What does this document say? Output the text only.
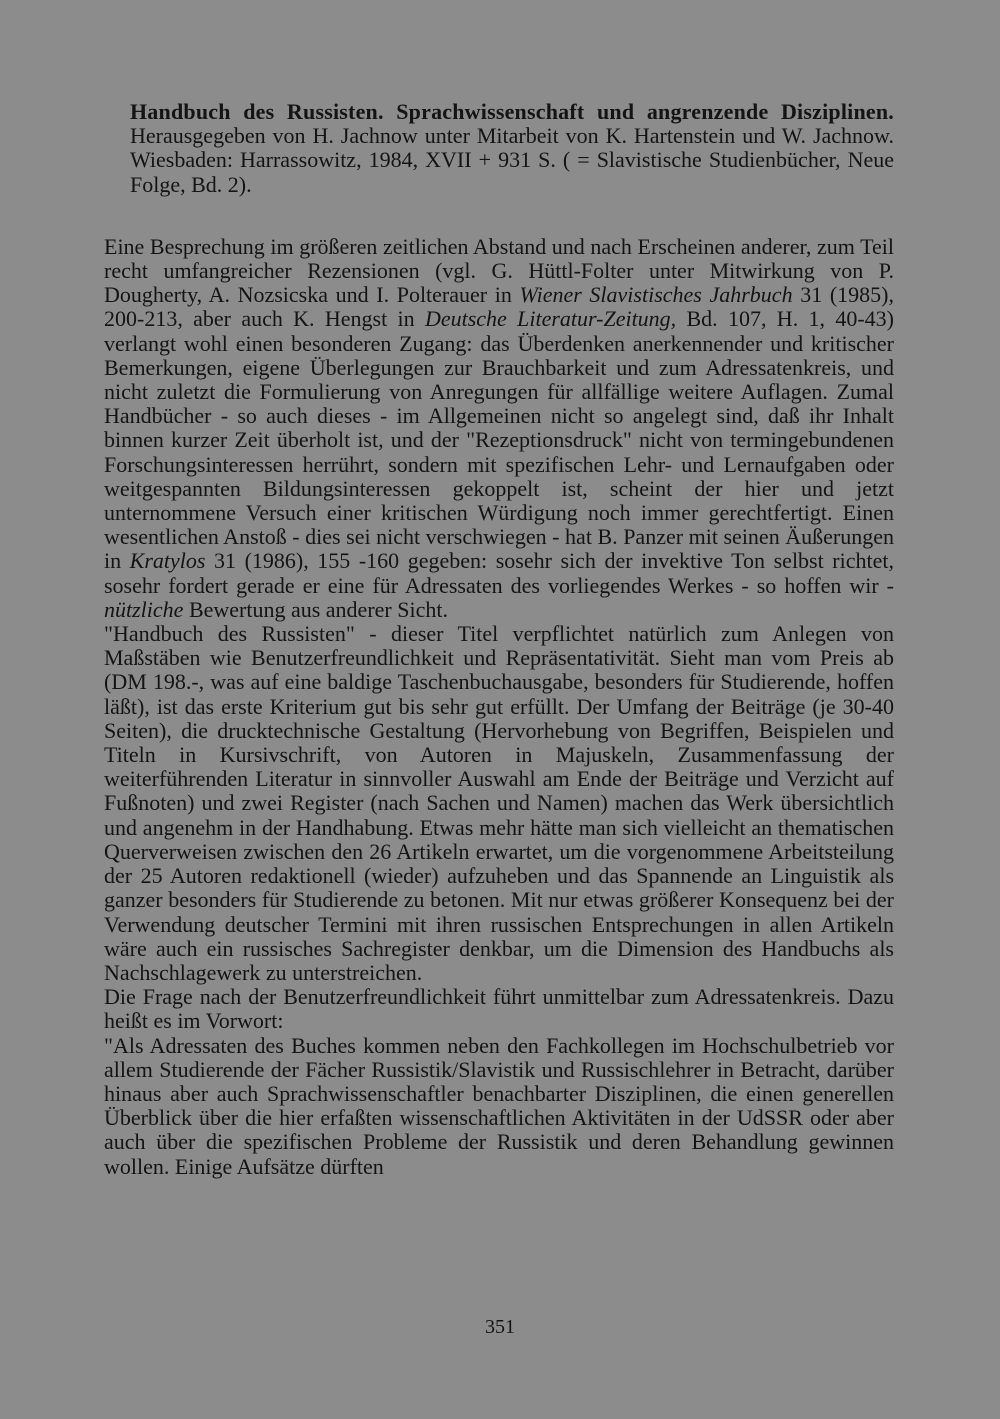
Handbuch des Russisten. Sprachwissenschaft und angrenzende Disziplinen. Herausgegeben von H. Jachnow unter Mitarbeit von K. Hartenstein und W. Jachnow. Wiesbaden: Harrassowitz, 1984, XVII + 931 S. ( = Slavistische Studienbücher, Neue Folge, Bd. 2).

Eine Besprechung im größeren zeitlichen Abstand und nach Erscheinen anderer, zum Teil recht umfangreicher Rezensionen (vgl. G. Hüttl-Folter unter Mitwirkung von P. Dougherty, A. Nozsicska und I. Polterauer in Wiener Slavistisches Jahrbuch 31 (1985), 200-213, aber auch K. Hengst in Deutsche Literatur-Zeitung, Bd. 107, H. 1, 40-43) verlangt wohl einen besonderen Zugang: das Überdenken anerkennender und kritischer Bemerkungen, eigene Überlegungen zur Brauchbarkeit und zum Adressatenkreis, und nicht zuletzt die Formulierung von Anregungen für allfällige weitere Auflagen. Zumal Handbücher - so auch dieses - im Allgemeinen nicht so angelegt sind, daß ihr Inhalt binnen kurzer Zeit überholt ist, und der "Rezeptionsdruck" nicht von termingebundenen Forschungsinteressen herrührt, sondern mit spezifischen Lehr- und Lernaufgaben oder weitgespannten Bildungsinteressen gekoppelt ist, scheint der hier und jetzt unternommene Versuch einer kritischen Würdigung noch immer gerechtfertigt. Einen wesentlichen Anstoß - dies sei nicht verschwiegen - hat B. Panzer mit seinen Äußerungen in Kratylos 31 (1986), 155 -160 gegeben: sosehr sich der invektive Ton selbst richtet, sosehr fordert gerade er eine für Adressaten des vorliegendes Werkes - so hoffen wir - nützliche Bewertung aus anderer Sicht.

"Handbuch des Russisten" - dieser Titel verpflichtet natürlich zum Anlegen von Maßstäben wie Benutzerfreundlichkeit und Repräsentativität. Sieht man vom Preis ab (DM 198.-, was auf eine baldige Taschenbuchausgabe, besonders für Studierende, hoffen läßt), ist das erste Kriterium gut bis sehr gut erfüllt. Der Umfang der Beiträge (je 30-40 Seiten), die drucktechnische Gestaltung (Hervorhebung von Begriffen, Beispielen und Titeln in Kursivschrift, von Autoren in Majuskeln, Zusammenfassung der weiterführenden Literatur in sinnvoller Auswahl am Ende der Beiträge und Verzicht auf Fußnoten) und zwei Register (nach Sachen und Namen) machen das Werk übersichtlich und angenehm in der Handhabung. Etwas mehr hätte man sich vielleicht an thematischen Querverweisen zwischen den 26 Artikeln erwartet, um die vorgenommene Arbeitsteilung der 25 Autoren redaktionell (wieder) aufzuheben und das Spannende an Linguistik als ganzer besonders für Studierende zu betonen. Mit nur etwas größerer Konsequenz bei der Verwendung deutscher Termini mit ihren russischen Entsprechungen in allen Artikeln wäre auch ein russisches Sachregister denkbar, um die Dimension des Handbuchs als Nachschlagewerk zu unterstreichen.

Die Frage nach der Benutzerfreundlichkeit führt unmittelbar zum Adressatenkreis. Dazu heißt es im Vorwort:

"Als Adressaten des Buches kommen neben den Fachkollegen im Hochschulbetrieb vor allem Studierende der Fächer Russistik/Slavistik und Russischlehrer in Betracht, darüber hinaus aber auch Sprachwissenschaftler benachbarter Disziplinen, die einen generellen Überblick über die hier erfaßten wissenschaftlichen Aktivitäten in der UdSSR oder aber auch über die spezifischen Probleme der Russistik und deren Behandlung gewinnen wollen. Einige Aufsätze dürften

351
